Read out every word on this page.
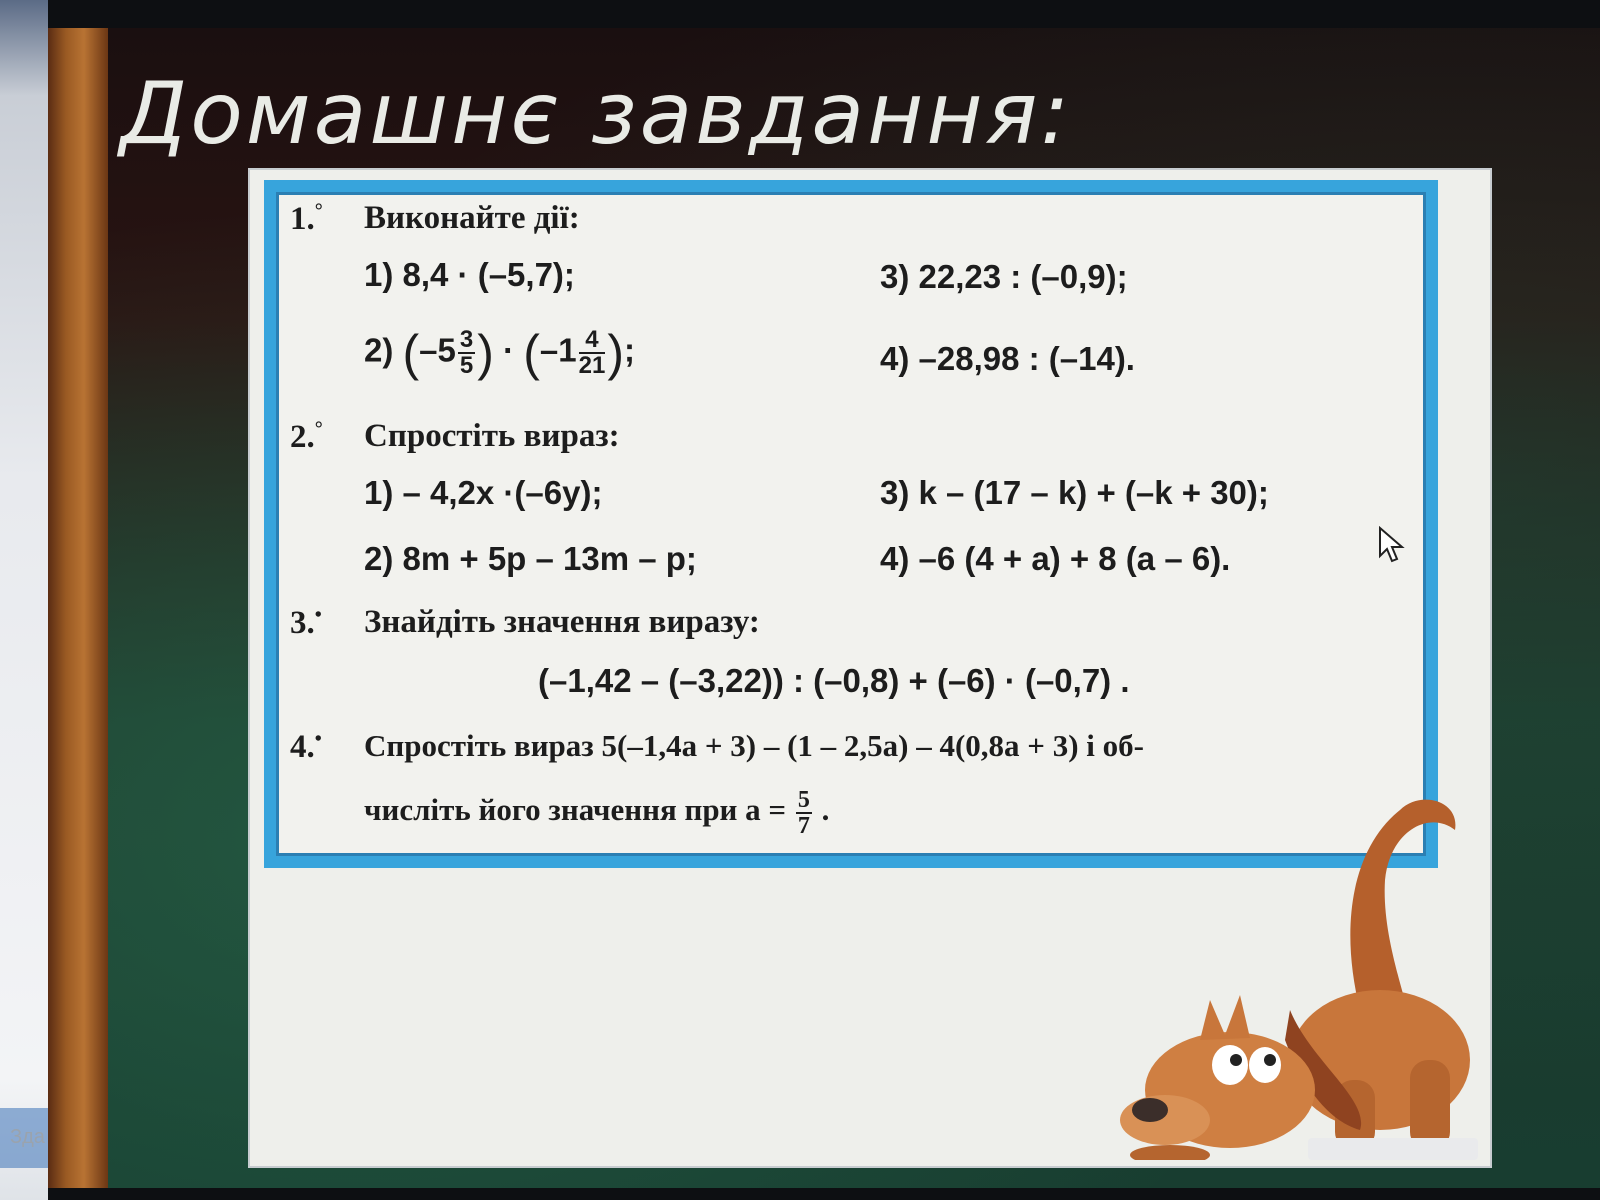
Зда
Домашнє завдання:
1.° Виконайте дії:
1) 8,4 · (–5,7);	3) 22,23 : (–0,9);
2) ($-5 \frac{3}{5}$ ) · ($-1 \frac{4}{21}$ );	4) –28,98 : (–14).
2.° Спростіть вираз:
1) – 4,2x ·(–6y);	3) k – (17 – k) + (–k + 30);
2) 8m + 5p – 13m – p;	4) –6 (4 + a) + 8 (a – 6).
3.• Знайдіть значення виразу:
(–1,42 – (–3,22)) : (–0,8) + (–6) · (–0,7) .
4.• Спростіть вираз 5(–1,4a + 3) – (1 – 2,5a) – 4(0,8a + 3) і об-
числіть його значення при $a = \frac{5}{7}$ .
